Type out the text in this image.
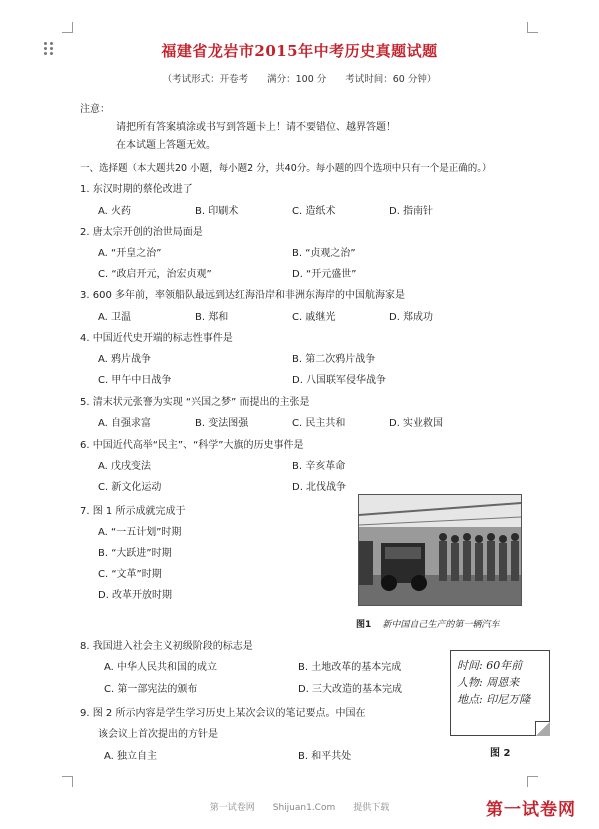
福建省龙岩市2015年中考历史真题试题
（考试形式：开卷考　　满分：100 分　　考试时间：60 分钟）
注意：
请把所有答案填涂或书写到答题卡上！请不要错位、越界答题！
在本试题上答题无效。
一、选择题（本大题共20 小题，每小题2 分，共40分。每小题的四个选项中只有一个是正确的。）
1. 东汉时期的蔡伦改进了
A. 火药	B. 印刷术	C. 造纸术	D. 指南针
2. 唐太宗开创的治世局面是
A. “开皇之治”	B. “贞观之治”
C. “政启开元，治宏贞观”	D. “开元盛世”
3. 600 多年前，率领船队最远到达红海沿岸和非洲东海岸的中国航海家是
A. 卫温	B. 郑和	C. 戚继光	D. 郑成功
4. 中国近代史开端的标志性事件是
A. 鸦片战争	B. 第二次鸦片战争
C. 甲午中日战争	D. 八国联军侵华战争
5. 清末状元张謇为实现 “兴国之梦” 而提出的主张是
A. 自强求富	B. 变法图强	C. 民主共和	D. 实业救国
6. 中国近代高举“民主”、“科学”大旗的历史事件是
A. 戊戌变法	B. 辛亥革命
C. 新文化运动	D. 北伐战争
7. 图 1 所示成就完成于
A. “一五计划”时期
B. “大跃进”时期
C. “文革”时期
D. 改革开放时期
图1 新中国自己生产的第一辆汽车
8. 我国进入社会主义初级阶段的标志是
A. 中华人民共和国的成立	B. 土地改革的基本完成
C. 第一部宪法的颁布	D. 三大改造的基本完成
9. 图 2 所示内容是学生学习历史上某次会议的笔记要点。中国在
该会议上首次提出的方针是
A. 独立自主	B. 和平共处
时间: 60年前
人物: 周恩来
地点: 印尼万隆
图 2
第一试卷网　　Shijuan1.Com　　提供下载	第一试卷网
